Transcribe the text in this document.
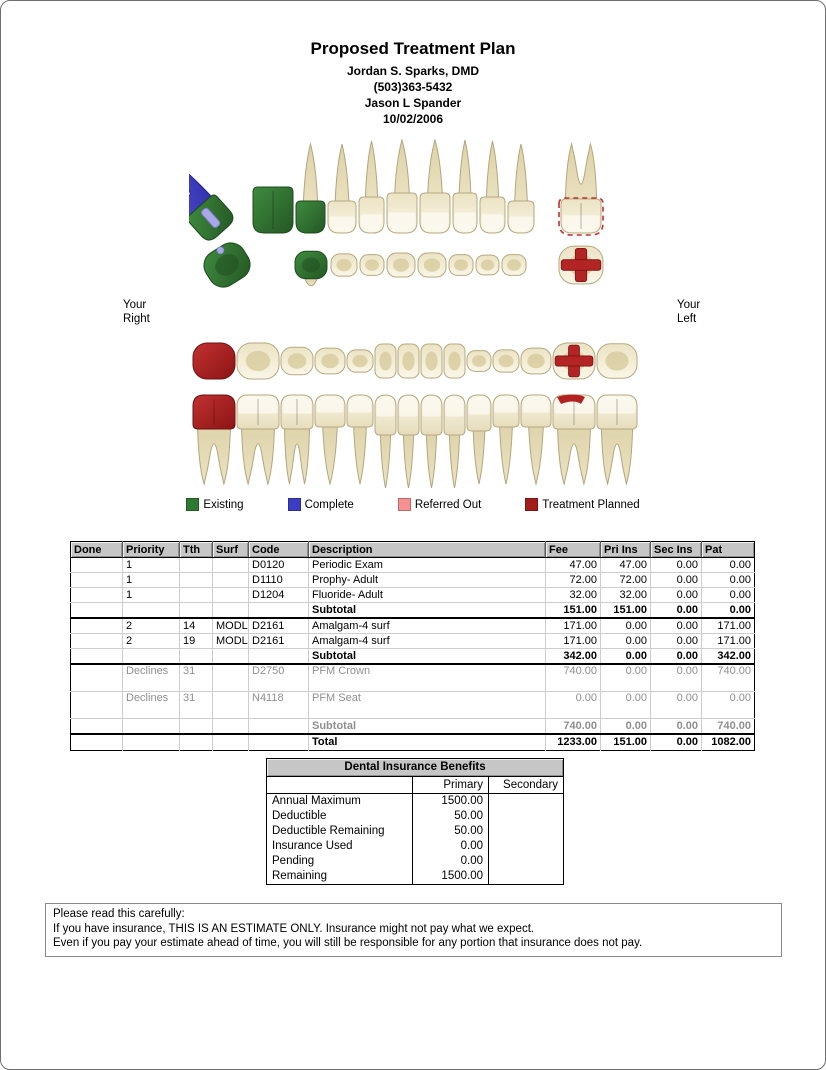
Proposed Treatment Plan
Jordan S. Sparks, DMD
(503)363-5432
Jason L Spander
10/02/2006
Your
Right
Your
Left
Existing	Complete	Referred Out	Treatment Planned
Done	Priority	Tth	Surf	Code	Description	Fee	Pri Ins	Sec Ins	Pat
	1			D0120	Periodic Exam	47.00	47.00	0.00	0.00
	1			D1110	Prophy- Adult	72.00	72.00	0.00	0.00
	1			D1204	Fluoride- Adult	32.00	32.00	0.00	0.00
					Subtotal	151.00	151.00	0.00	0.00
	2	14	MODL	D2161	Amalgam-4 surf	171.00	0.00	0.00	171.00
	2	19	MODL	D2161	Amalgam-4 surf	171.00	0.00	0.00	171.00
					Subtotal	342.00	0.00	0.00	342.00
	Declines	31		D2750	PFM Crown	740.00	0.00	0.00	740.00
	Declines	31		N4118	PFM Seat	0.00	0.00	0.00	0.00
					Subtotal	740.00	0.00	0.00	740.00
					Total	1233.00	151.00	0.00	1082.00
Dental Insurance Benefits		
	Primary	Secondary
Annual Maximum	1500.00	
Deductible	50.00	
Deductible Remaining	50.00	
Insurance Used	0.00	
Pending	0.00	
Remaining	1500.00	
Please read this carefully:
If you have insurance, THIS IS AN ESTIMATE ONLY. Insurance might not pay what we expect.
Even if you pay your estimate ahead of time, you will still be responsible for any portion that insurance does not pay.
